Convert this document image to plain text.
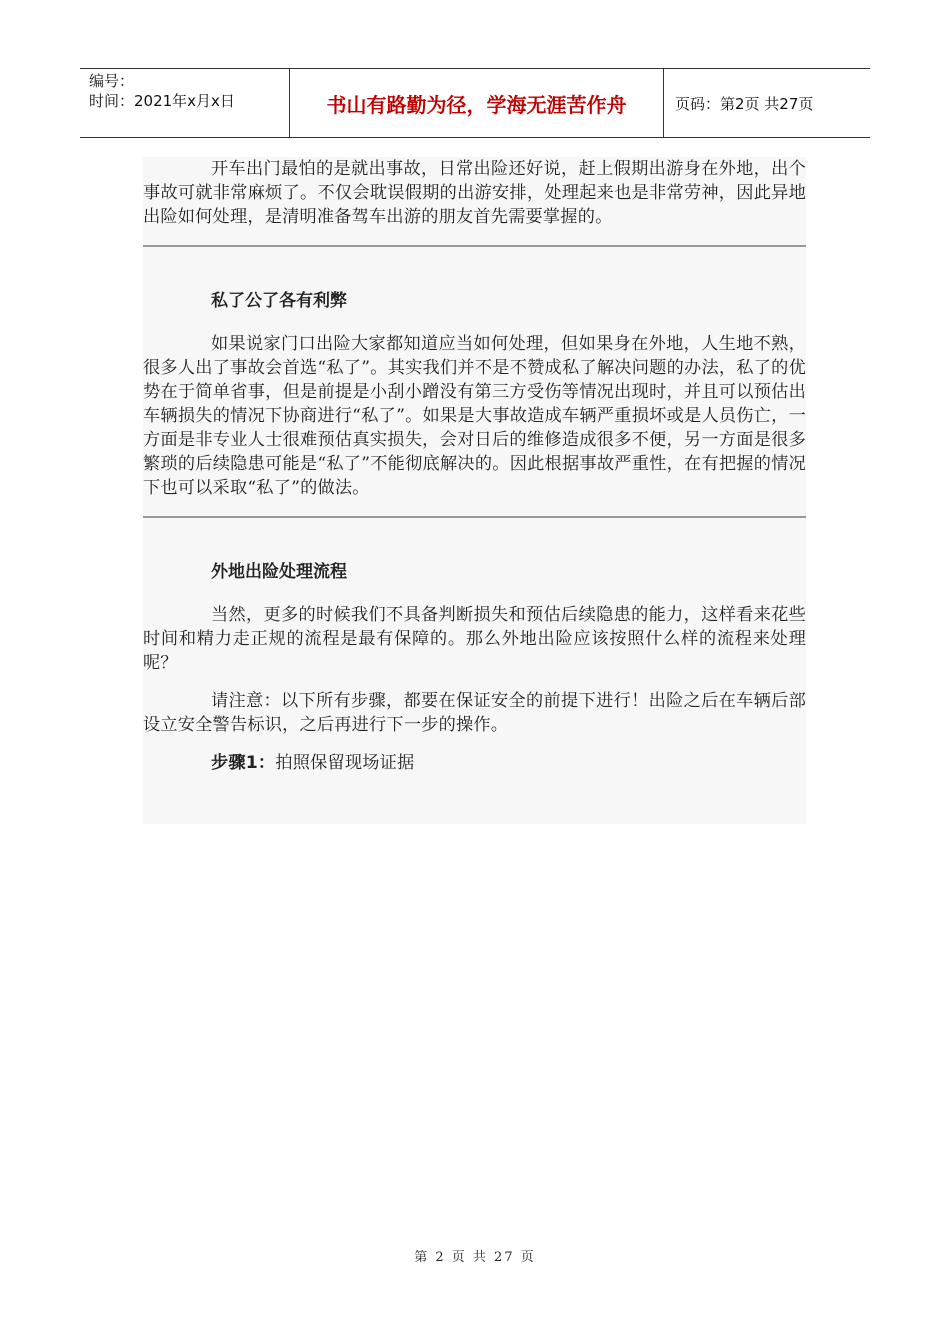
编号：
时间：2021年x月x日	书山有路勤为径，学海无涯苦作舟	页码：第2页 共27页

开车出门最怕的是就出事故，日常出险还好说，赶上假期出游身在外地，出个事故可就非常麻烦了。不仅会耽误假期的出游安排，处理起来也是非常劳神，因此异地出险如何处理，是清明准备驾车出游的朋友首先需要掌握的。

私了公了各有利弊

如果说家门口出险大家都知道应当如何处理，但如果身在外地，人生地不熟，很多人出了事故会首选“私了”。其实我们并不是不赞成私了解决问题的办法，私了的优势在于简单省事，但是前提是小刮小蹭没有第三方受伤等情况出现时，并且可以预估出车辆损失的情况下协商进行“私了”。如果是大事故造成车辆严重损坏或是人员伤亡，一方面是非专业人士很难预估真实损失，会对日后的维修造成很多不便，另一方面是很多繁琐的后续隐患可能是“私了”不能彻底解决的。因此根据事故严重性，在有把握的情况下也可以采取“私了”的做法。

外地出险处理流程

当然，更多的时候我们不具备判断损失和预估后续隐患的能力，这样看来花些时间和精力走正规的流程是最有保障的。那么外地出险应该按照什么样的流程来处理呢？

请注意：以下所有步骤，都要在保证安全的前提下进行！出险之后在车辆后部设立安全警告标识，之后再进行下一步的操作。

步骤1：拍照保留现场证据

第 2 页 共 27 页
